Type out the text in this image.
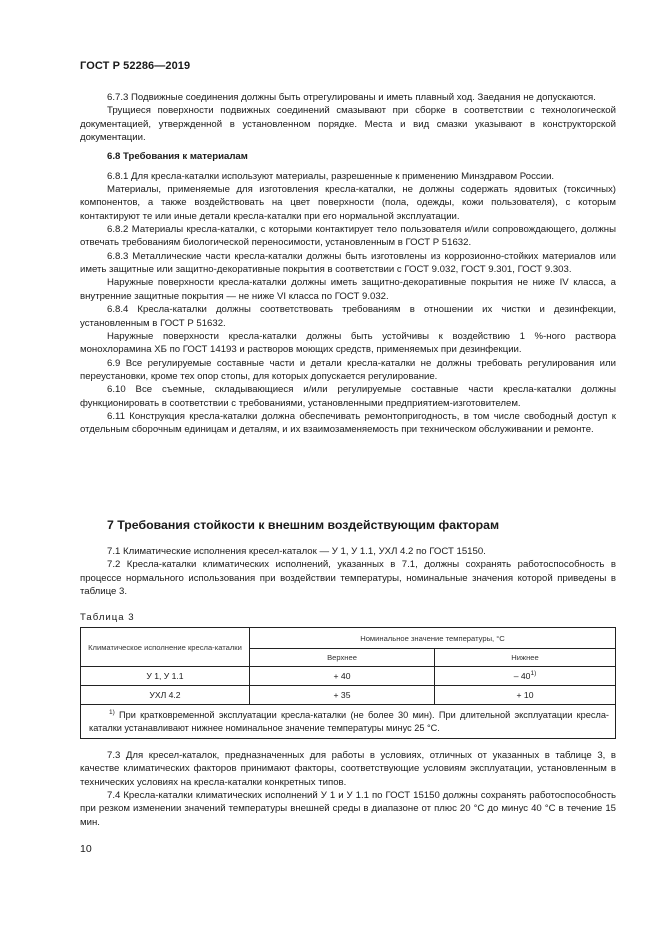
ГОСТ Р 52286—2019

6.7.3 Подвижные соединения должны быть отрегулированы и иметь плавный ход. Заедания не допускаются.

Трущиеся поверхности подвижных соединений смазывают при сборке в соответствии с технологической документацией, утвержденной в установленном порядке. Места и вид смазки указывают в конструкторской документации.

6.8 Требования к материалам

6.8.1 Для кресла-каталки используют материалы, разрешенные к применению Минздравом России.

Материалы, применяемые для изготовления кресла-каталки, не должны содержать ядовитых (токсичных) компонентов, а также воздействовать на цвет поверхности (пола, одежды, кожи пользователя), с которым контактируют те или иные детали кресла-каталки при его нормальной эксплуатации.

6.8.2 Материалы кресла-каталки, с которыми контактирует тело пользователя и/или сопровождающего, должны отвечать требованиям биологической переносимости, установленным в ГОСТ Р 51632.

6.8.3 Металлические части кресла-каталки должны быть изготовлены из коррозионно-стойких материалов или иметь защитные или защитно-декоративные покрытия в соответствии с ГОСТ 9.032, ГОСТ 9.301, ГОСТ 9.303.

Наружные поверхности кресла-каталки должны иметь защитно-декоративные покрытия не ниже IV класса, а внутренние защитные покрытия — не ниже VI класса по ГОСТ 9.032.

6.8.4 Кресла-каталки должны соответствовать требованиям в отношении их чистки и дезинфекции, установленным в ГОСТ Р 51632.

Наружные поверхности кресла-каталки должны быть устойчивы к воздействию 1 %-ного раствора монохлорамина ХБ по ГОСТ 14193 и растворов моющих средств, применяемых при дезинфекции.

6.9 Все регулируемые составные части и детали кресла-каталки не должны требовать регулирования или переустановки, кроме тех опор стопы, для которых допускается регулирование.

6.10 Все съемные, складывающиеся и/или регулируемые составные части кресла-каталки должны функционировать в соответствии с требованиями, установленными предприятием-изготовителем.

6.11 Конструкция кресла-каталки должна обеспечивать ремонтопригодность, в том числе свободный доступ к отдельным сборочным единицам и деталям, и их взаимозаменяемость при техническом обслуживании и ремонте.

7 Требования стойкости к внешним воздействующим факторам

7.1 Климатические исполнения кресел-каталок — У 1, У 1.1, УХЛ 4.2 по ГОСТ 15150.

7.2 Кресла-каталки климатических исполнений, указанных в 7.1, должны сохранять работоспособность в процессе нормального использования при воздействии температуры, номинальные значения которой приведены в таблице 3.

Таблица 3
Климатическое исполнение кресла-каталки	Номинальное значение температуры, °С	
	Верхнее	Нижнее
У 1, У 1.1	+ 40	– 40$^{1)}$
УХЛ 4.2	+ 35	+ 10

$^{1)}$ При кратковременной эксплуатации кресла-каталки (не более 30 мин). При длительной эксплуатации кресла-каталки устанавливают нижнее номинальное значение температуры минус 25 °С.		

7.3 Для кресел-каталок, предназначенных для работы в условиях, отличных от указанных в таблице 3, в качестве климатических факторов принимают факторы, соответствующие условиям эксплуатации, установленным в технических условиях на кресла-каталки конкретных типов.

7.4 Кресла-каталки климатических исполнений У 1 и У 1.1 по ГОСТ 15150 должны сохранять работоспособность при резком изменении значений температуры внешней среды в диапазоне от плюс 20 °С до минус 40 °С в течение 15 мин.

10
